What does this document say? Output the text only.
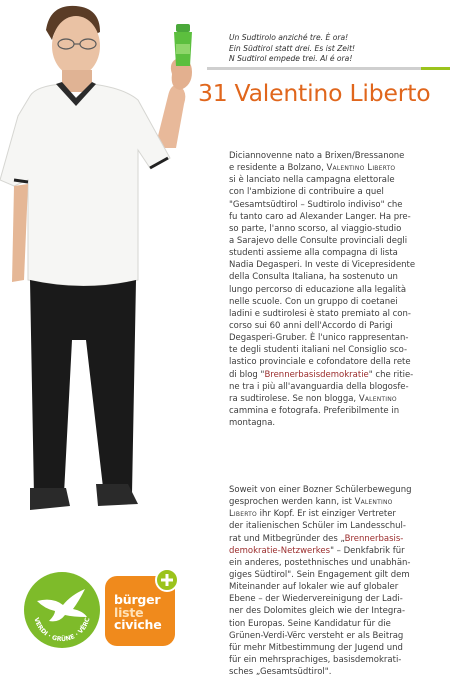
Un Sudtirolo anziché tre. È ora!
Ein Südtirol statt drei. Es ist Zeit!
N Sudtirol empede trei. Al é ora!
31 Valentino Liberto
Diciannovenne nato a Brixen/Bressanone
e residente a Bolzano, Valentino Liberto
si è lanciato nella campagna elettorale
con l'ambizione di contribuire a quel
"Gesamtsüdtirol – Sudtirolo indiviso" che
fu tanto caro ad Alexander Langer. Ha pre-
so parte, l'anno scorso, al viaggio-studio
a Sarajevo delle Consulte provinciali degli
studenti assieme alla compagna di lista
Nadia Degasperi. In veste di Vicepresidente
della Consulta Italiana, ha sostenuto un
lungo percorso di educazione alla legalità
nelle scuole. Con un gruppo di coetanei
ladini e sudtirolesi è stato premiato al con-
corso sui 60 anni dell'Accordo di Parigi
Degasperi-Gruber. È l'unico rappresentan-
te degli studenti italiani nel Consiglio sco-
lastico provinciale e cofondatore della rete
di blog "Brennerbasisdemokratie" che ritie-
ne tra i più all'avanguardia della blogosfe-
ra sudtirolese. Se non blogga, Valentino
cammina e fotografa. Preferibilmente in
montagna.
Soweit von einer Bozner Schülerbewegung
gesprochen werden kann, ist Valentino
Liberto ihr Kopf. Er ist einziger Vertreter
der italienischen Schüler im Landesschul-
rat und Mitbegründer des „Brennerbasis-
demokratie-Netzwerkes" – Denkfabrik für
ein anderes, postethnisches und unabhän-
giges Südtirol". Sein Engagement gilt dem
Miteinander auf lokaler wie auf globaler
Ebene – der Wiedervereinigung der Ladi-
ner des Dolomites gleich wie der Integra-
tion Europas. Seine Kandidatur für die
Grünen-Verdi-Vërc versteht er als Beitrag
für mehr Mitbestimmung der Jugend und
für ein mehrsprachiges, basisdemokrati-
sches „Gesamtsüdtirol".
VERDI · GRÜNE · VËRC
bürger
liste
civiche
